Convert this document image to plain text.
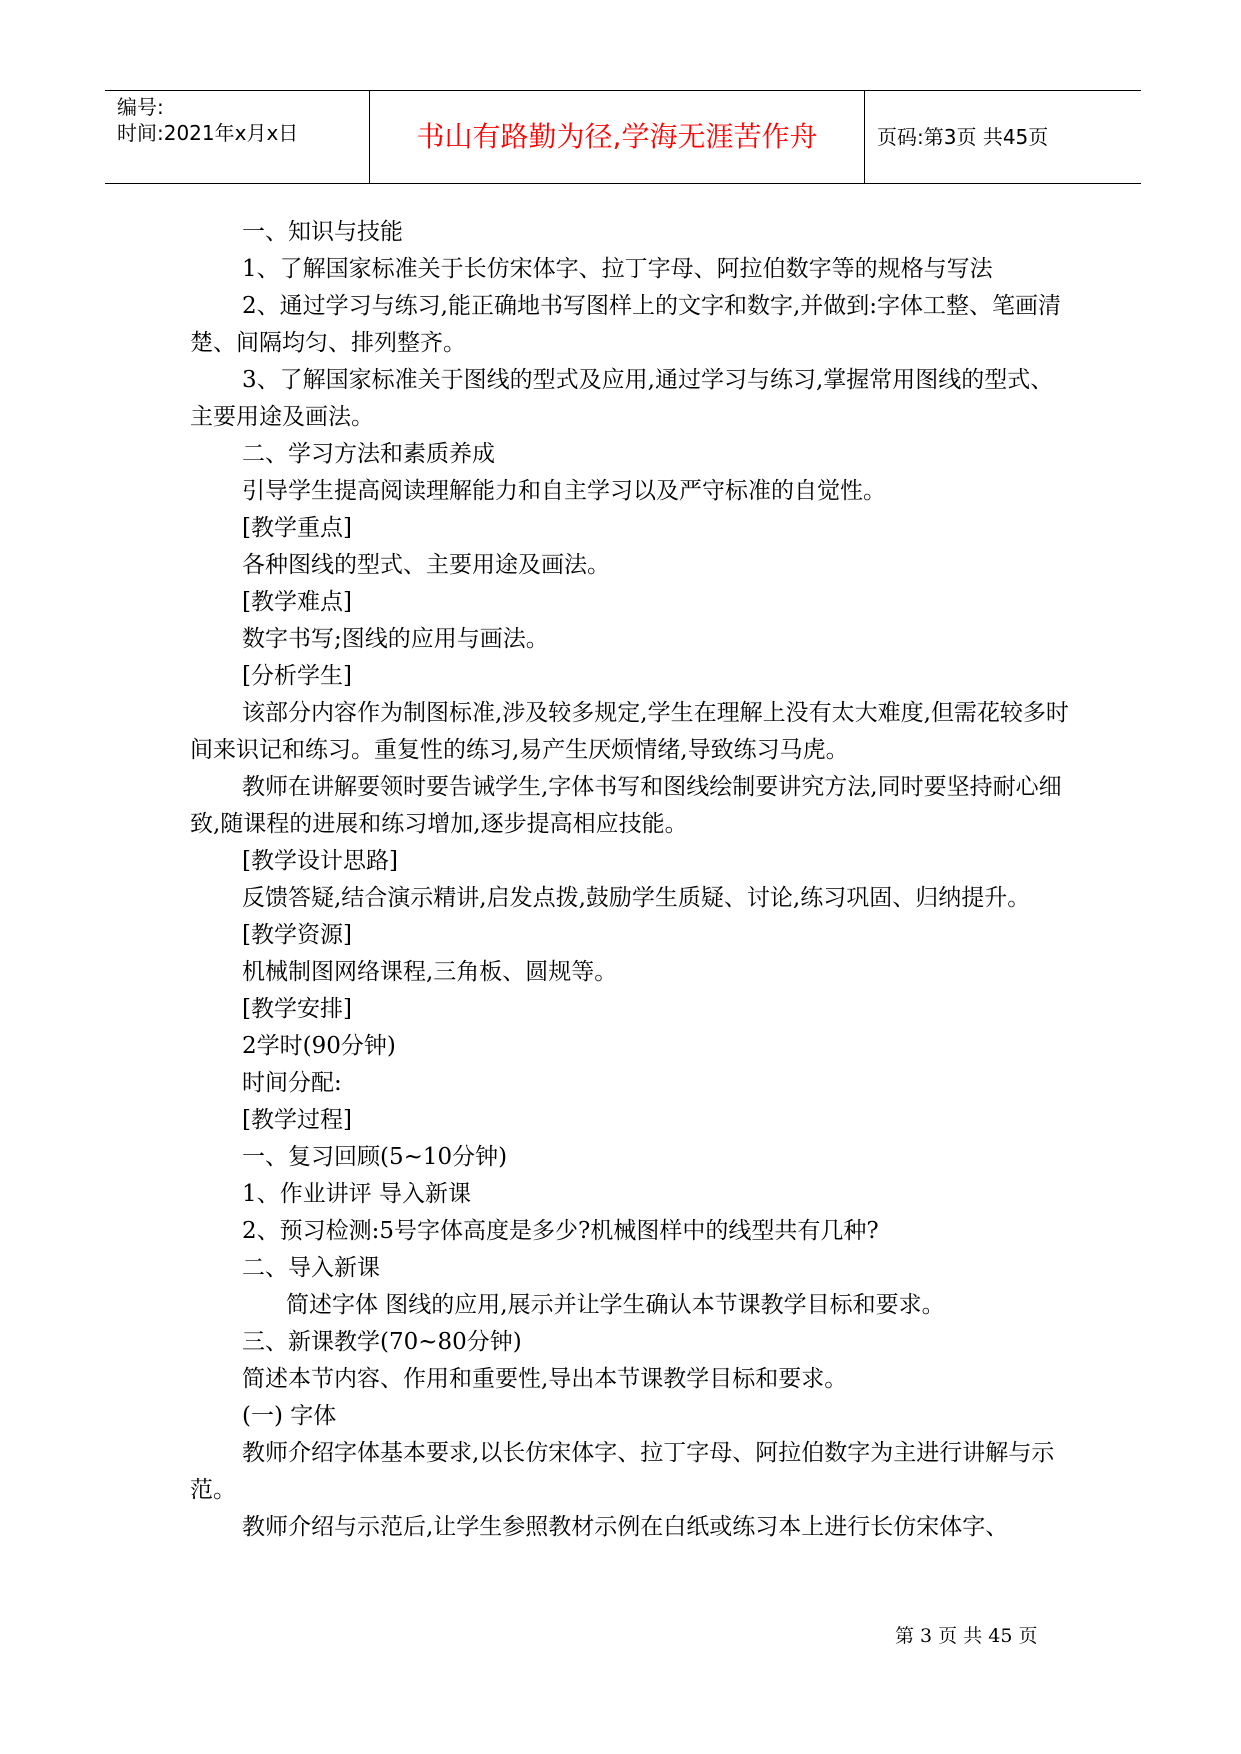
编号:
时间:2021年x月x日	书山有路勤为径,学海无涯苦作舟	页码:第3页 共45页

一、知识与技能

1、了解国家标准关于长仿宋体字、拉丁字母、阿拉伯数字等的规格与写法

2、通过学习与练习,能正确地书写图样上的文字和数字,并做到:字体工整、笔画清楚、间隔均匀、排列整齐。

3、了解国家标准关于图线的型式及应用,通过学习与练习,掌握常用图线的型式、主要用途及画法。

二、学习方法和素质养成

引导学生提高阅读理解能力和自主学习以及严守标准的自觉性。

[教学重点]

各种图线的型式、主要用途及画法。

[教学难点]

数字书写;图线的应用与画法。

[分析学生]

该部分内容作为制图标准,涉及较多规定,学生在理解上没有太大难度,但需花较多时间来识记和练习。重复性的练习,易产生厌烦情绪,导致练习马虎。

教师在讲解要领时要告诫学生,字体书写和图线绘制要讲究方法,同时要坚持耐心细致,随课程的进展和练习增加,逐步提高相应技能。

[教学设计思路]

反馈答疑,结合演示精讲,启发点拨,鼓励学生质疑、讨论,练习巩固、归纳提升。

[教学资源]

机械制图网络课程,三角板、圆规等。

[教学安排]

2学时(90分钟)

时间分配:

[教学过程]

一、复习回顾(5~10分钟)

1、作业讲评 导入新课

2、预习检测:5号字体高度是多少?机械图样中的线型共有几种?

二、导入新课

简述字体 图线的应用,展示并让学生确认本节课教学目标和要求。

三、新课教学(70~80分钟)

简述本节内容、作用和重要性,导出本节课教学目标和要求。

(一) 字体

教师介绍字体基本要求,以长仿宋体字、拉丁字母、阿拉伯数字为主进行讲解与示范。

教师介绍与示范后,让学生参照教材示例在白纸或练习本上进行长仿宋体字、

第 3 页 共 45 页
